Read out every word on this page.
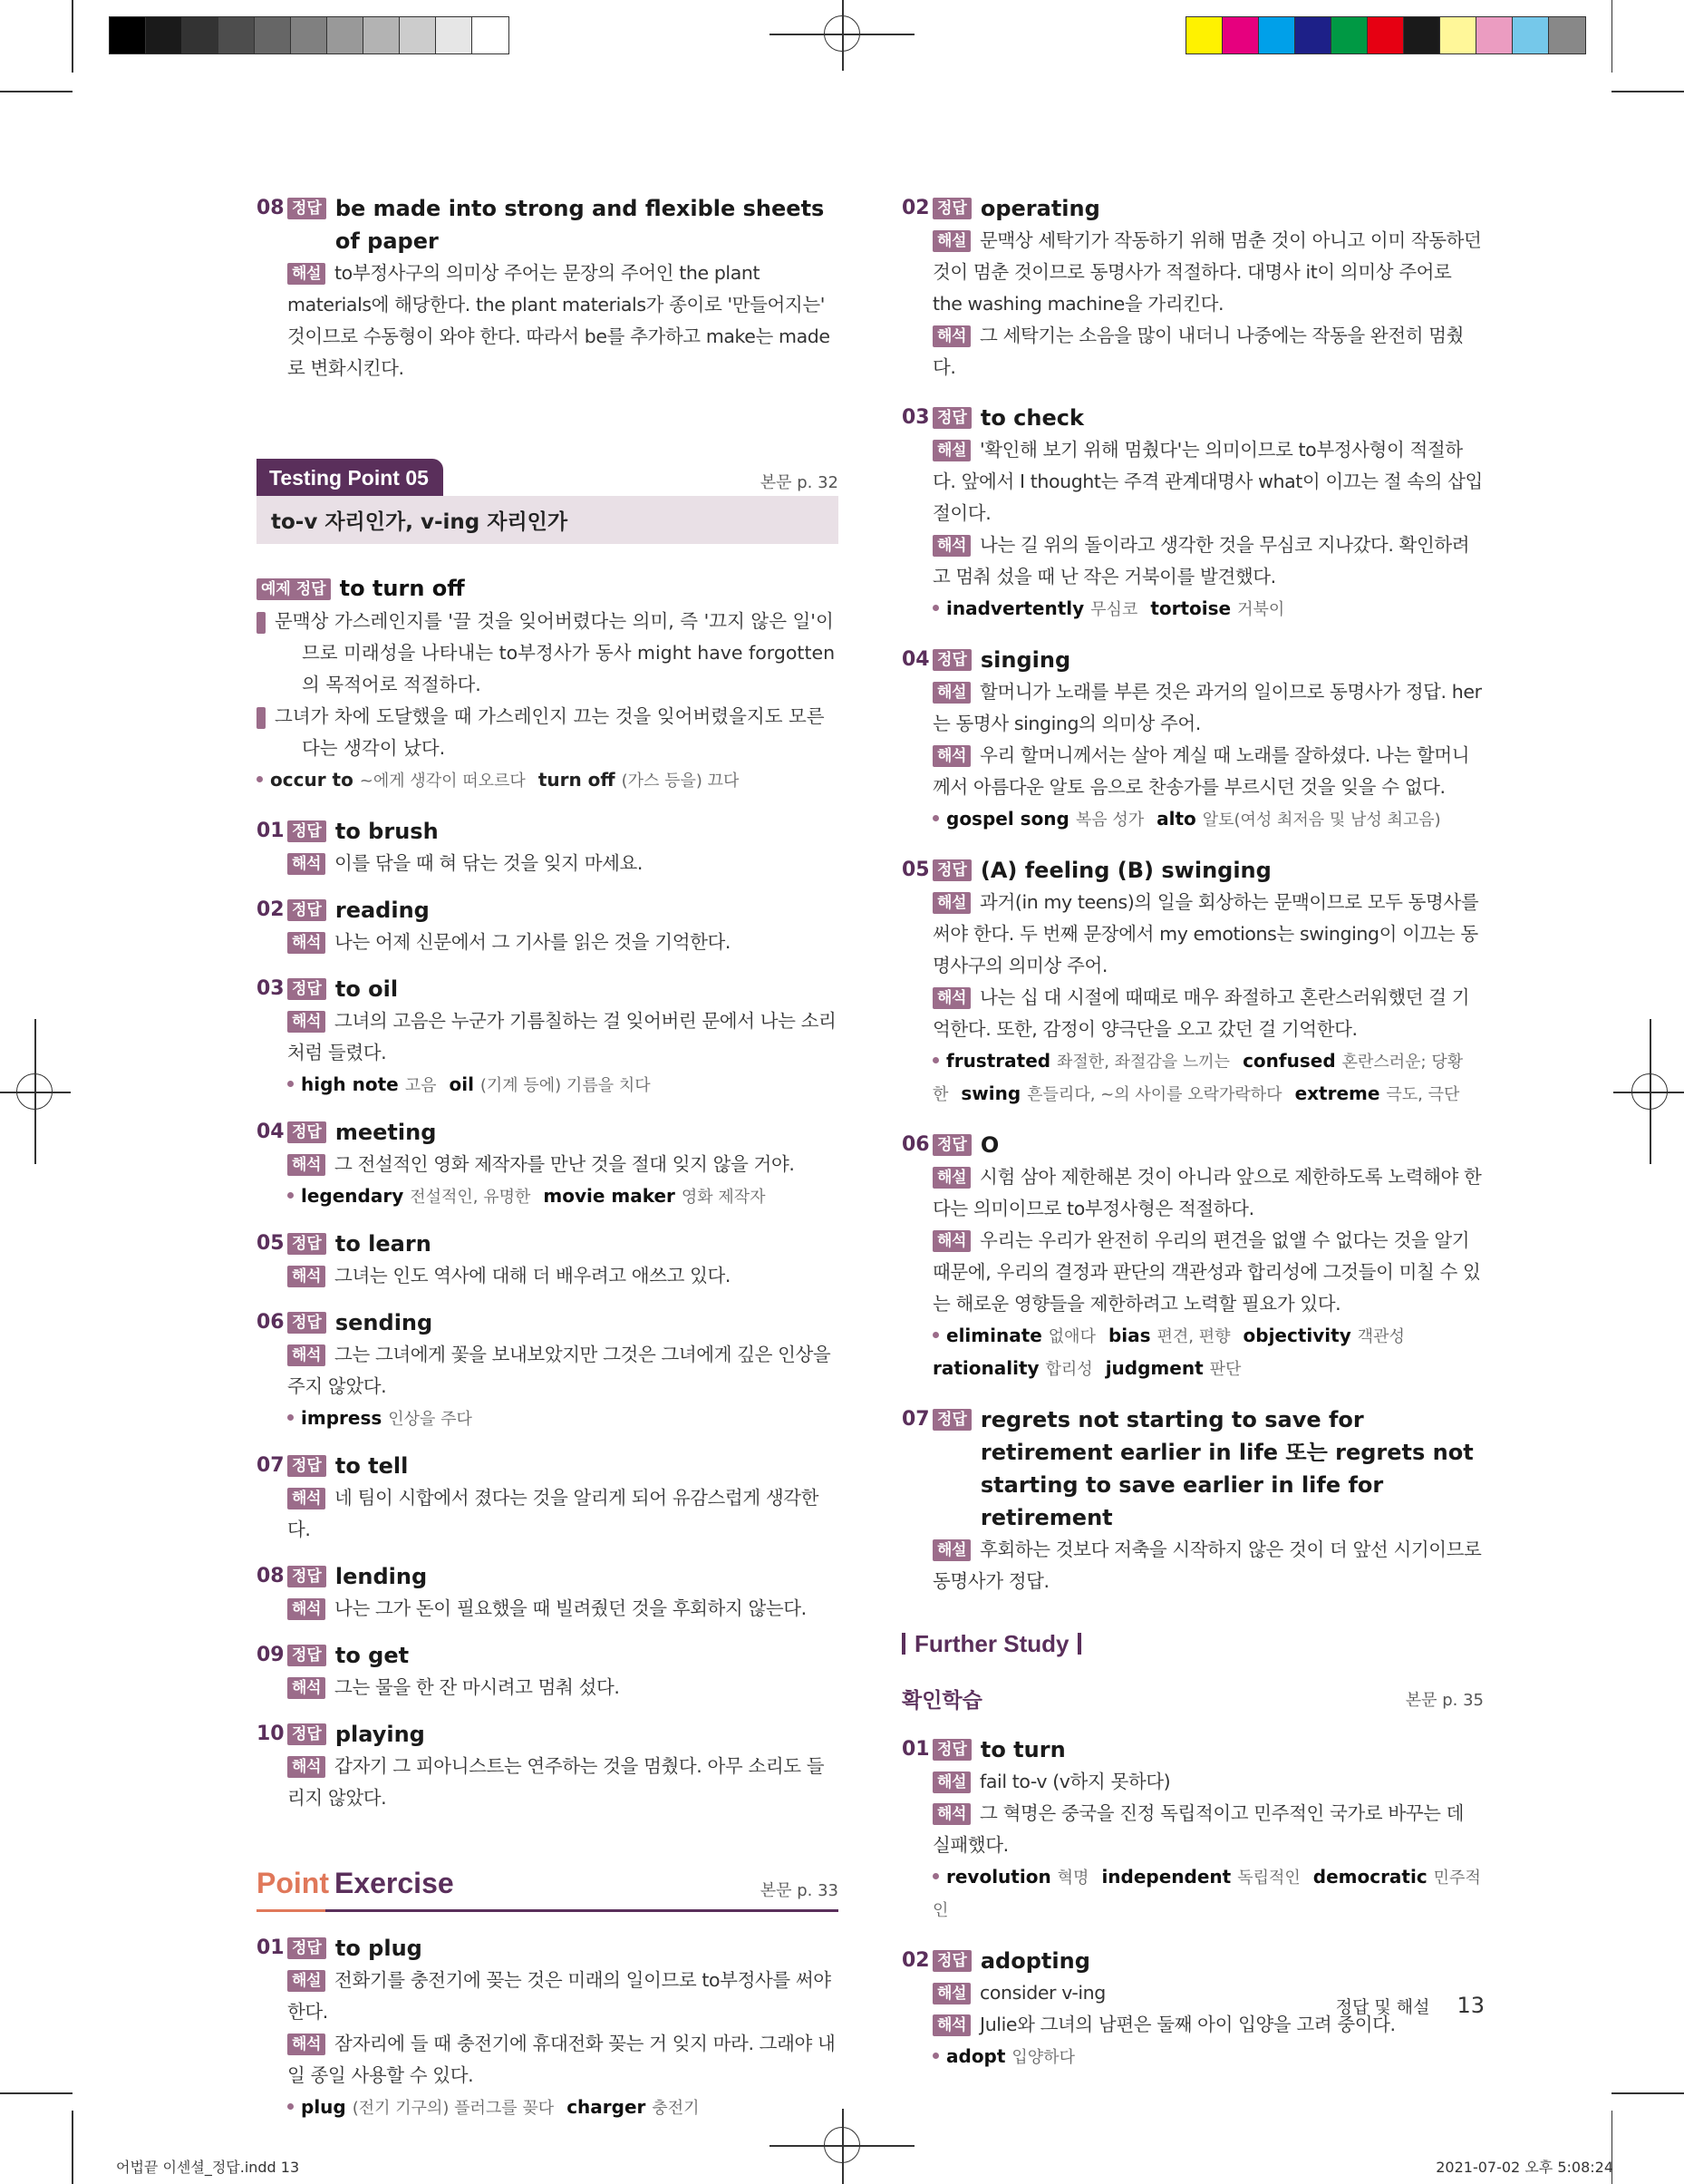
08 정답 be made into strong and flexible sheets of paper
해설 to부정사구의 의미상 주어는 문장의 주어인 the plant materials에 해당한다. the plant materials가 종이로 '만들어지는' 것이므로 수동형이 와야 한다. 따라서 be를 추가하고 make는 made로 변화시킨다.
Testing Point 05	본문 p. 32
to-v 자리인가, v-ing 자리인가
예제 정답 to turn off
해설 문맥상 가스레인지를 '끌 것을 잊어버렸다는 의미, 즉 '끄지 않은 일'이므로 미래성을 나타내는 to부정사가 동사 might have forgotten의 목적어로 적절하다.
해석 그녀가 차에 도달했을 때 가스레인지 끄는 것을 잊어버렸을지도 모른다는 생각이 났다.
occur to ~에게 생각이 떠오르다 turn off (가스 등을) 끄다
01 정답 to brush
해석 이를 닦을 때 혀 닦는 것을 잊지 마세요.
02 정답 reading
해석 나는 어제 신문에서 그 기사를 읽은 것을 기억한다.
03 정답 to oil
해석 그녀의 고음은 누군가 기름칠하는 걸 잊어버린 문에서 나는 소리처럼 들렸다.
high note 고음 oil (기계 등에) 기름을 치다
04 정답 meeting
해석 그 전설적인 영화 제작자를 만난 것을 절대 잊지 않을 거야.
legendary 전설적인, 유명한 movie maker 영화 제작자
05 정답 to learn
해석 그녀는 인도 역사에 대해 더 배우려고 애쓰고 있다.
06 정답 sending
해석 그는 그녀에게 꽃을 보내보았지만 그것은 그녀에게 깊은 인상을 주지 않았다.
impress 인상을 주다
07 정답 to tell
해석 네 팀이 시합에서 졌다는 것을 알리게 되어 유감스럽게 생각한다.
08 정답 lending
해석 나는 그가 돈이 필요했을 때 빌려줬던 것을 후회하지 않는다.
09 정답 to get
해석 그는 물을 한 잔 마시려고 멈춰 섰다.
10 정답 playing
해석 갑자기 그 피아니스트는 연주하는 것을 멈췄다. 아무 소리도 들리지 않았다.
Point Exercise	본문 p. 33
01 정답 to plug
해설 전화기를 충전기에 꽂는 것은 미래의 일이므로 to부정사를 써야 한다.
해석 잠자리에 들 때 충전기에 휴대전화 꽂는 거 잊지 마라. 그래야 내일 종일 사용할 수 있다.
plug (전기 기구의) 플러그를 꽂다 charger 충전기
02 정답 operating
해설 문맥상 세탁기가 작동하기 위해 멈춘 것이 아니고 이미 작동하던 것이 멈춘 것이므로 동명사가 적절하다. 대명사 it이 의미상 주어로 the washing machine을 가리킨다.
해석 그 세탁기는 소음을 많이 내더니 나중에는 작동을 완전히 멈췄다.
03 정답 to check
해설 '확인해 보기 위해 멈췄다'는 의미이므로 to부정사형이 적절하다. 앞에서 I thought는 주격 관계대명사 what이 이끄는 절 속의 삽입절이다.
해석 나는 길 위의 돌이라고 생각한 것을 무심코 지나갔다. 확인하려고 멈춰 섰을 때 난 작은 거북이를 발견했다.
inadvertently 무심코 tortoise 거북이
04 정답 singing
해설 할머니가 노래를 부른 것은 과거의 일이므로 동명사가 정답. her는 동명사 singing의 의미상 주어.
해석 우리 할머니께서는 살아 계실 때 노래를 잘하셨다. 나는 할머니께서 아름다운 알토 음으로 찬송가를 부르시던 것을 잊을 수 없다.
gospel song 복음 성가 alto 알토(여성 최저음 및 남성 최고음)
05 정답 (A) feeling (B) swinging
해설 과거(in my teens)의 일을 회상하는 문맥이므로 모두 동명사를 써야 한다. 두 번째 문장에서 my emotions는 swinging이 이끄는 동명사구의 의미상 주어.
해석 나는 십 대 시절에 때때로 매우 좌절하고 혼란스러워했던 걸 기억한다. 또한, 감정이 양극단을 오고 갔던 걸 기억한다.
frustrated 좌절한, 좌절감을 느끼는 confused 혼란스러운; 당황한 swing 흔들리다, ~의 사이를 오락가락하다 extreme 극도, 극단
06 정답 O
해설 시험 삼아 제한해본 것이 아니라 앞으로 제한하도록 노력해야 한다는 의미이므로 to부정사형은 적절하다.
해석 우리는 우리가 완전히 우리의 편견을 없앨 수 없다는 것을 알기 때문에, 우리의 결정과 판단의 객관성과 합리성에 그것들이 미칠 수 있는 해로운 영향들을 제한하려고 노력할 필요가 있다.
eliminate 없애다 bias 편견, 편향 objectivity 객관성rationality 합리성 judgment 판단
07 정답 regrets not starting to save for retirement earlier in life 또는 regrets not starting to save earlier in life for retirement
해설 후회하는 것보다 저축을 시작하지 않은 것이 더 앞선 시기이므로 동명사가 정답.
Further Study
확인학습	본문 p. 35
01 정답 to turn
해설 fail to-v (v하지 못하다)
해석 그 혁명은 중국을 진정 독립적이고 민주적인 국가로 바꾸는 데 실패했다.
revolution 혁명 independent 독립적인 democratic 민주적인
02 정답 adopting
해설 consider v-ing
해석 Julie와 그녀의 남편은 둘째 아이 입양을 고려 중이다.
adopt 입양하다
정답 및 해설 13
어법끝 이센셜_정답.indd 13	2021-07-02 오후 5:08:24
